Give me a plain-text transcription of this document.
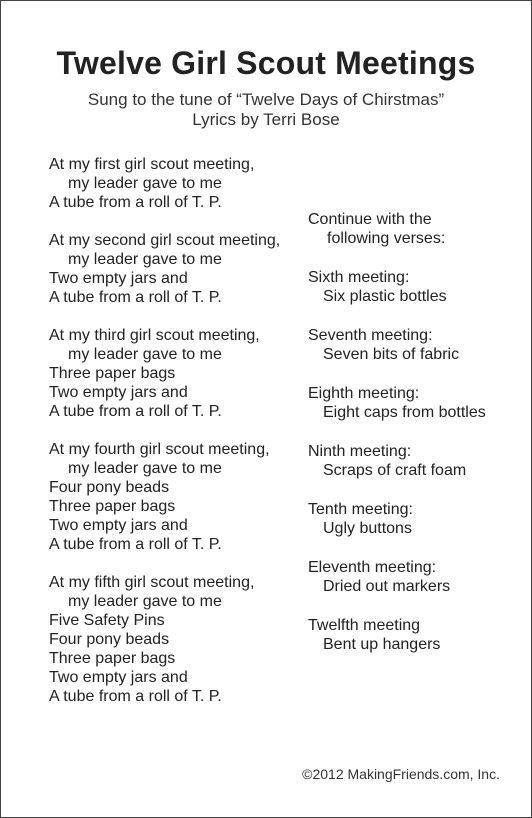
Twelve Girl Scout Meetings
Sung to the tune of “Twelve Days of Chirstmas”
Lyrics by Terri Bose
At my first girl scout meeting,
my leader gave to me
A tube from a roll of T. P.
At my second girl scout meeting,
my leader gave to me
Two empty jars and
A tube from a roll of T. P.
At my third girl scout meeting,
my leader gave to me
Three paper bags
Two empty jars and
A tube from a roll of T. P.
At my fourth girl scout meeting,
my leader gave to me
Four pony beads
Three paper bags
Two empty jars and
A tube from a roll of T. P.
At my fifth girl scout meeting,
my leader gave to me
Five Safety Pins
Four pony beads
Three paper bags
Two empty jars and
A tube from a roll of T. P.
Continue with the
following verses:
Sixth meeting:
Six plastic bottles
Seventh meeting:
Seven bits of fabric
Eighth meeting:
Eight caps from bottles
Ninth meeting:
Scraps of craft foam
Tenth meeting:
Ugly buttons
Eleventh meeting:
Dried out markers
Twelfth meeting
Bent up hangers
©2012 MakingFriends.com, Inc.
